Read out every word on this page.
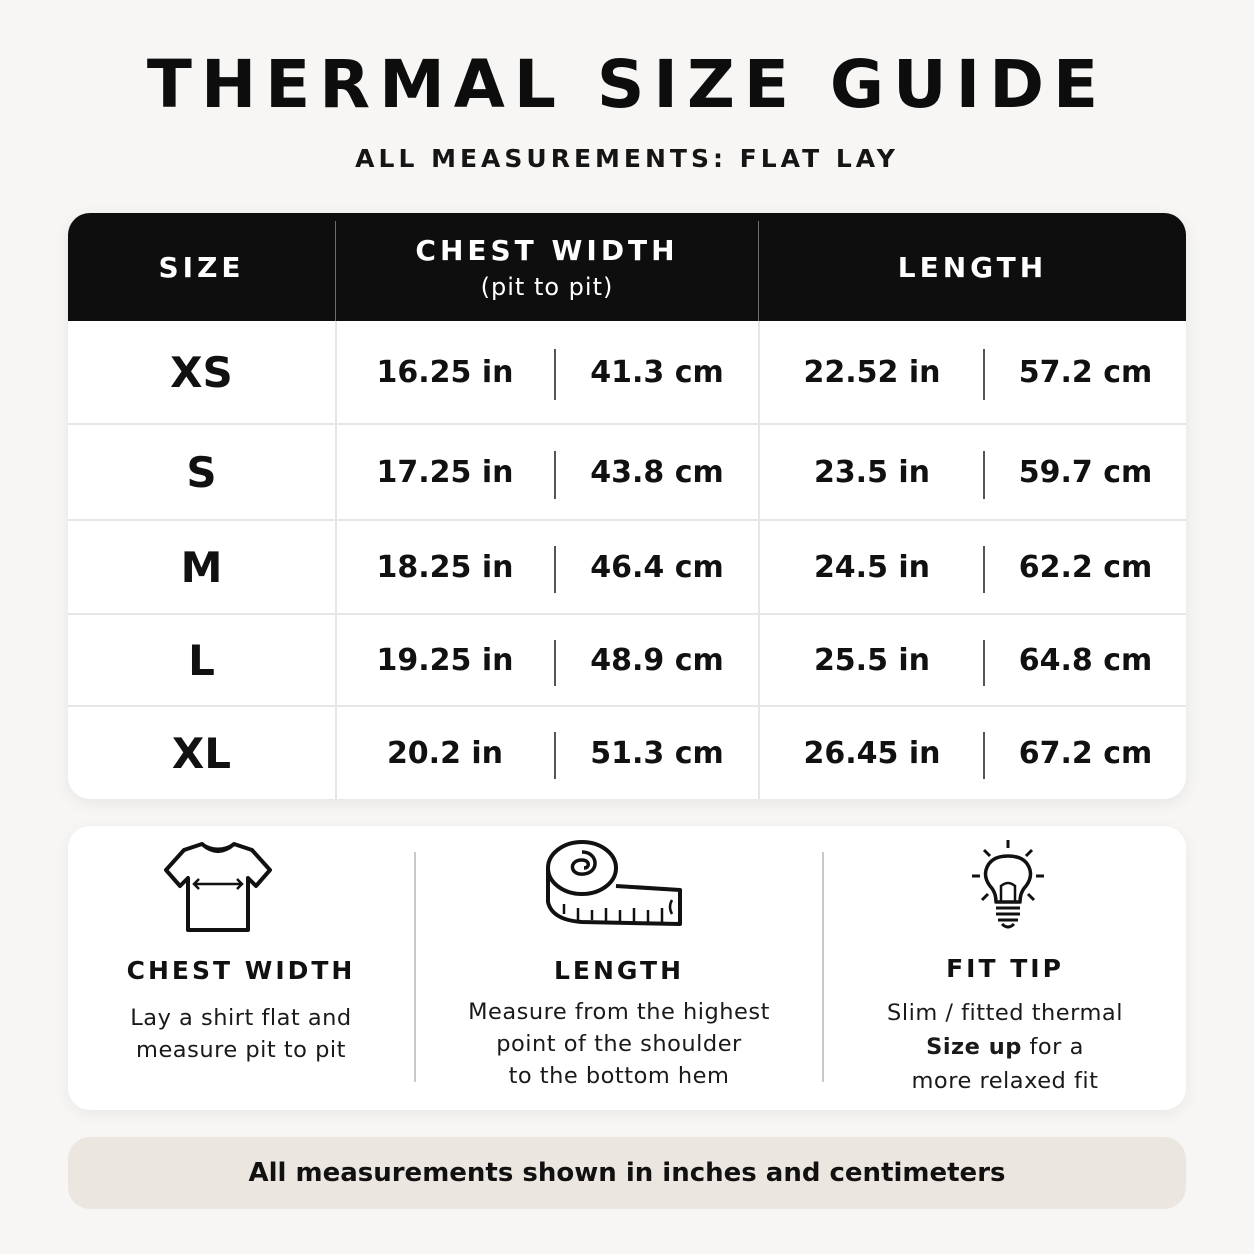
THERMAL SIZE GUIDE
ALL MEASUREMENTS: FLAT LAY
SIZE
CHEST WIDTH
(pit to pit)
LENGTH
XS	16.25 in	41.3 cm	22.52 in	57.2 cm
S	17.25 in	43.8 cm	23.5 in	59.7 cm
M	18.25 in	46.4 cm	24.5 in	62.2 cm
L	19.25 in	48.9 cm	25.5 in	64.8 cm
XL	20.2 in	51.3 cm	26.45 in	67.2 cm
CHEST WIDTH
Lay a shirt flat and
measure pit to pit
LENGTH
Measure from the highest
point of the shoulder
to the bottom hem
FIT TIP
Slim / fitted thermal
Size up for a
more relaxed fit
All measurements shown in inches and centimeters
